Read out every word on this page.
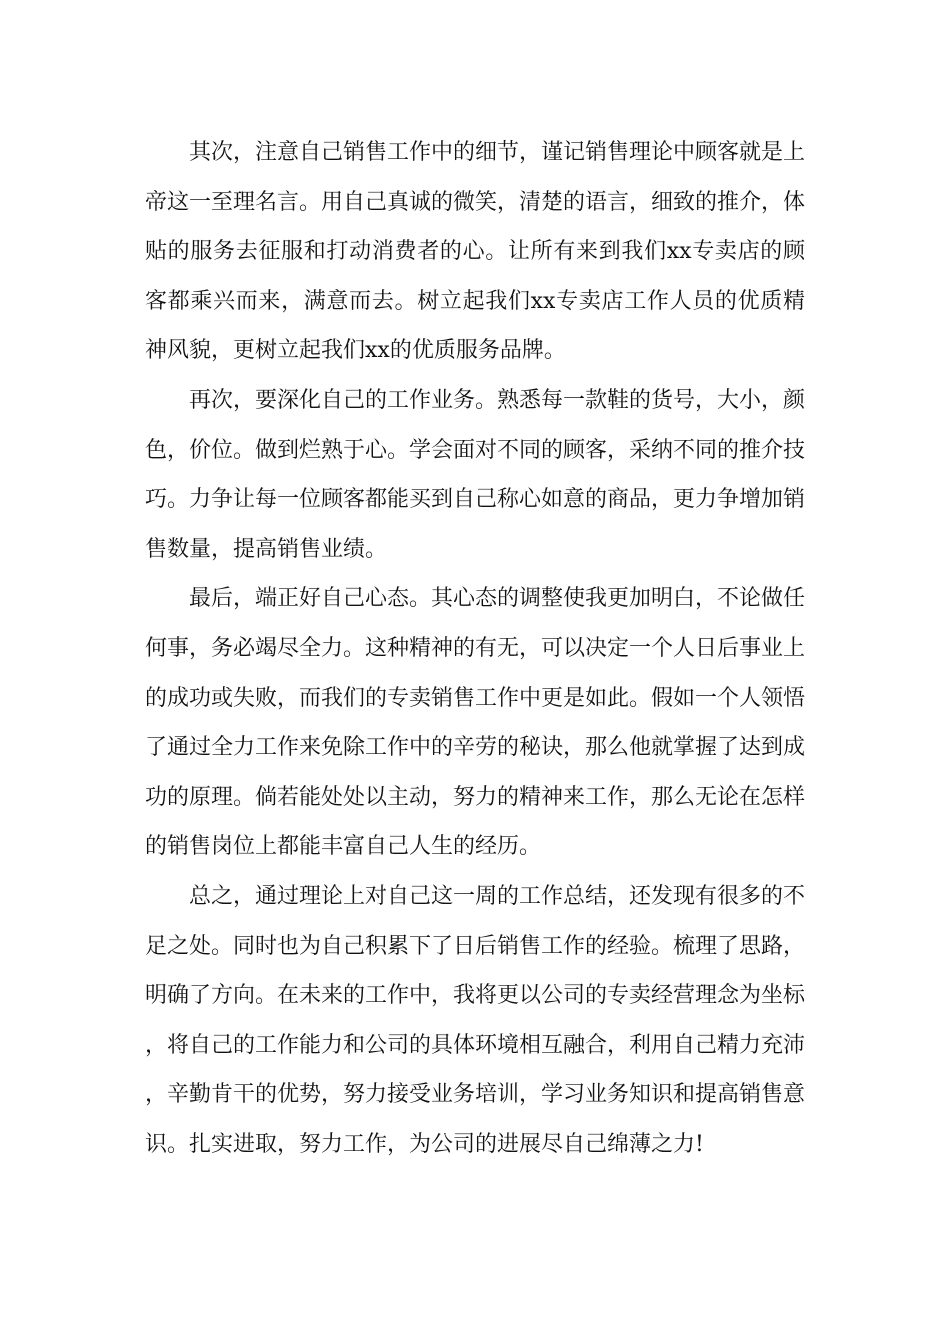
其次，注意自己销售工作中的细节，谨记销售理论中顾客就是上帝这一至理名言。用自己真诚的微笑，清楚的语言，细致的推介，体贴的服务去征服和打动消费者的心。让所有来到我们xx专卖店的顾客都乘兴而来，满意而去。树立起我们xx专卖店工作人员的优质精神风貌，更树立起我们xx的优质服务品牌。

再次，要深化自己的工作业务。熟悉每一款鞋的货号，大小，颜色，价位。做到烂熟于心。学会面对不同的顾客，采纳不同的推介技巧。力争让每一位顾客都能买到自己称心如意的商品，更力争增加销售数量，提高销售业绩。

最后，端正好自己心态。其心态的调整使我更加明白，不论做任何事，务必竭尽全力。这种精神的有无，可以决定一个人日后事业上的成功或失败，而我们的专卖销售工作中更是如此。假如一个人领悟了通过全力工作来免除工作中的辛劳的秘诀，那么他就掌握了达到成功的原理。倘若能处处以主动，努力的精神来工作，那么无论在怎样的销售岗位上都能丰富自己人生的经历。

总之，通过理论上对自己这一周的工作总结，还发现有很多的不足之处。同时也为自己积累下了日后销售工作的经验。梳理了思路，明确了方向。在未来的工作中，我将更以公司的专卖经营理念为坐标，将自己的工作能力和公司的具体环境相互融合，利用自己精力充沛，辛勤肯干的优势，努力接受业务培训，学习业务知识和提高销售意识。扎实进取，努力工作，为公司的进展尽自己绵薄之力!
